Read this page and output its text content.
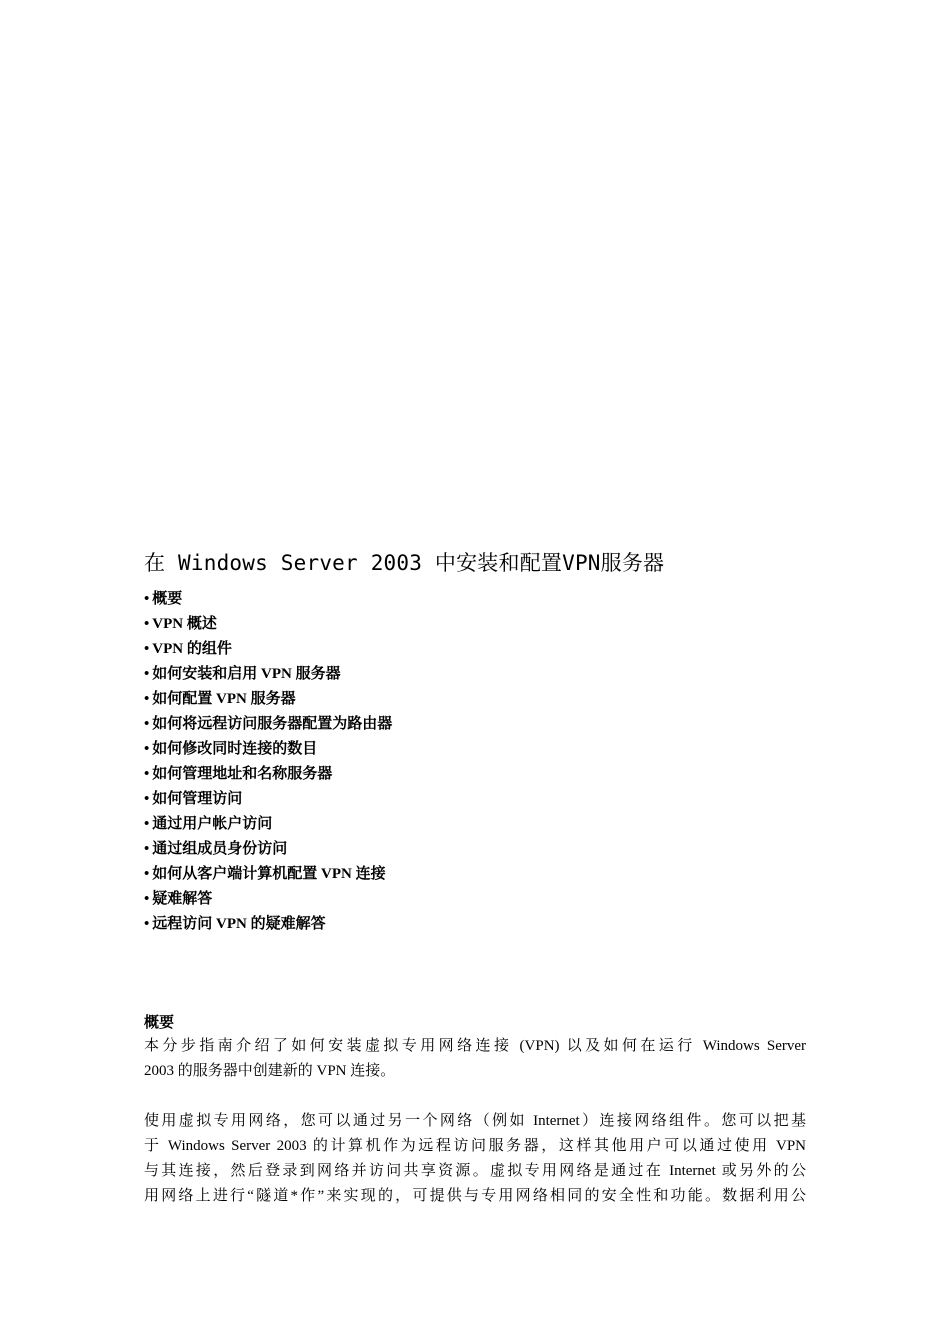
在 Windows Server 2003 中安装和配置VPN服务器
• 概要
• VPN 概述
• VPN 的组件
• 如何安装和启用 VPN 服务器
• 如何配置 VPN 服务器
• 如何将远程访问服务器配置为路由器
• 如何修改同时连接的数目
• 如何管理地址和名称服务器
• 如何管理访问
• 通过用户帐户访问
• 通过组成员身份访问
• 如何从客户端计算机配置 VPN 连接
• 疑难解答
• 远程访问 VPN 的疑难解答
概要

本分步指南介绍了如何安装虚拟专用网络连接 (VPN) 以及如何在运行 Windows Server
2003 的服务器中创建新的 VPN 连接。

使用虚拟专用网络，您可以通过另一个网络（例如 Internet）连接网络组件。您可以把基
于 Windows Server 2003 的计算机作为远程访问服务器，这样其他用户可以通过使用 VPN
与其连接，然后登录到网络并访问共享资源。虚拟专用网络是通过在 Internet 或另外的公
用网络上进行“隧道*作”来实现的，可提供与专用网络相同的安全性和功能。数据利用公
